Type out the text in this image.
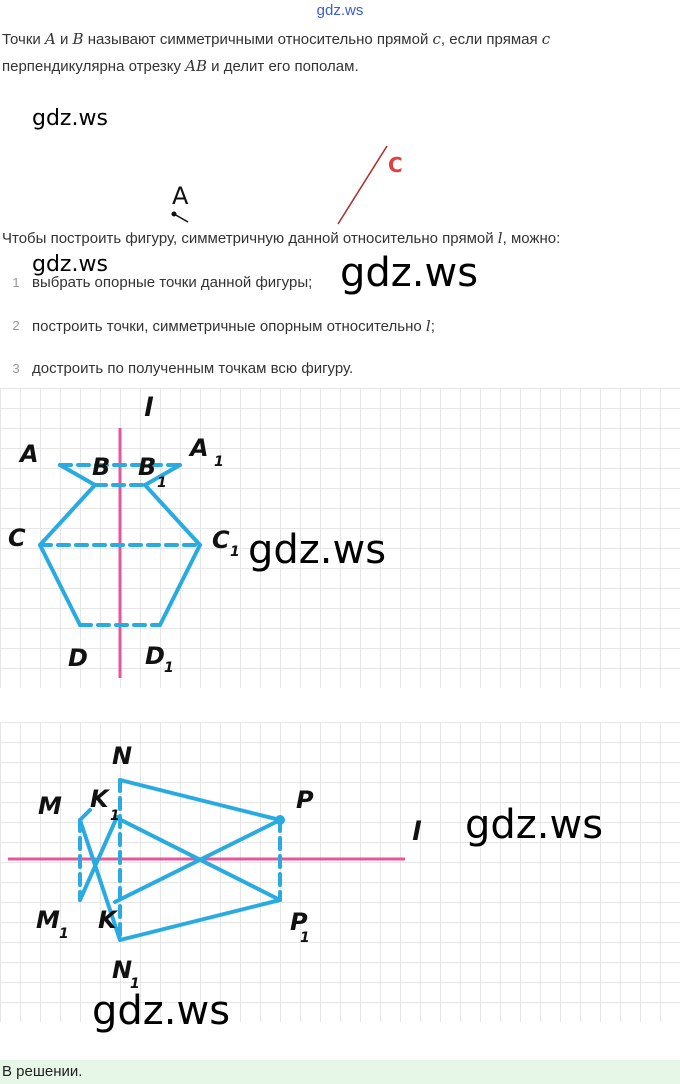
gdz.ws
Точки A и B называют симметричными относительно прямой c, если прямая c
перпендикулярна отрезку AB и делит его пополам.
gdz.ws
A
C
Чтобы построить фигуру, симметричную данной относительно прямой l, можно:
gdz.ws	gdz.ws
1 выбрать опорные точки данной фигуры;
2 построить точки, симметричные опорным относительно l;
3 достроить по полученным точкам всю фигуру.
l
A B B
1
A 1
C	C 1
D D 1
gdz.ws
N
M K
1
P
l
M 1 K	P
1
N
1
gdz.ws
gdz.ws
В решении.
